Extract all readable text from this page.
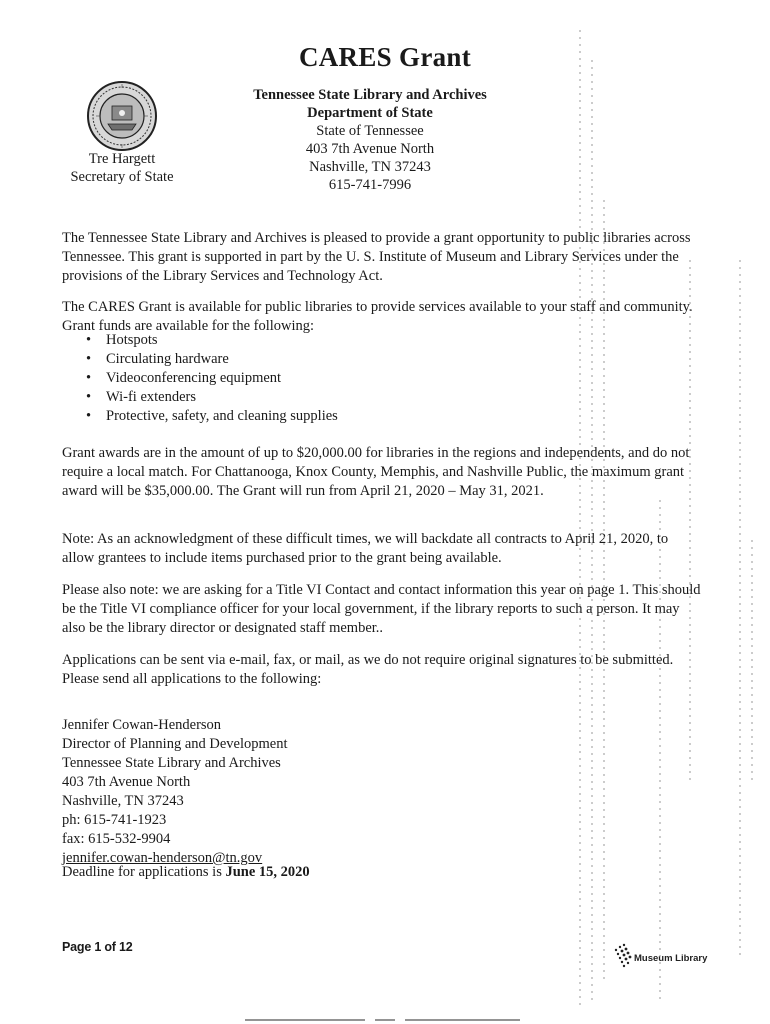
CARES Grant
Tre Hargett
Secretary of State
Tennessee State Library and Archives
Department of State
State of Tennessee
403 7th Avenue North
Nashville, TN 37243
615-741-7996
The Tennessee State Library and Archives is pleased to provide a grant opportunity to public libraries across Tennessee. This grant is supported in part by the U. S. Institute of Museum and Library Services under the provisions of the Library Services and Technology Act.
The CARES Grant is available for public libraries to provide services available to your staff and community. Grant funds are available for the following:
• Hotspots
• Circulating hardware
• Videoconferencing equipment
• Wi-fi extenders
• Protective, safety, and cleaning supplies
Grant awards are in the amount of up to $20,000.00 for libraries in the regions and independents, and do not require a local match. For Chattanooga, Knox County, Memphis, and Nashville Public, the maximum grant award will be $35,000.00. The Grant will run from April 21, 2020 – May 31, 2021.
Note: As an acknowledgment of these difficult times, we will backdate all contracts to April 21, 2020, to allow grantees to include items purchased prior to the grant being available.
Please also note: we are asking for a Title VI Contact and contact information this year on page 1. This should be the Title VI compliance officer for your local government, if the library reports to such a person. It may also be the library director or designated staff member..
Applications can be sent via e-mail, fax, or mail, as we do not require original signatures to be submitted. Please send all applications to the following:
Jennifer Cowan-Henderson
Director of Planning and Development
Tennessee State Library and Archives
403 7th Avenue North
Nashville, TN 37243
ph: 615-741-1923
fax: 615-532-9904
jennifer.cowan-henderson@tn.gov
Deadline for applications is June 15, 2020
Page 1 of 12
Museum Library
